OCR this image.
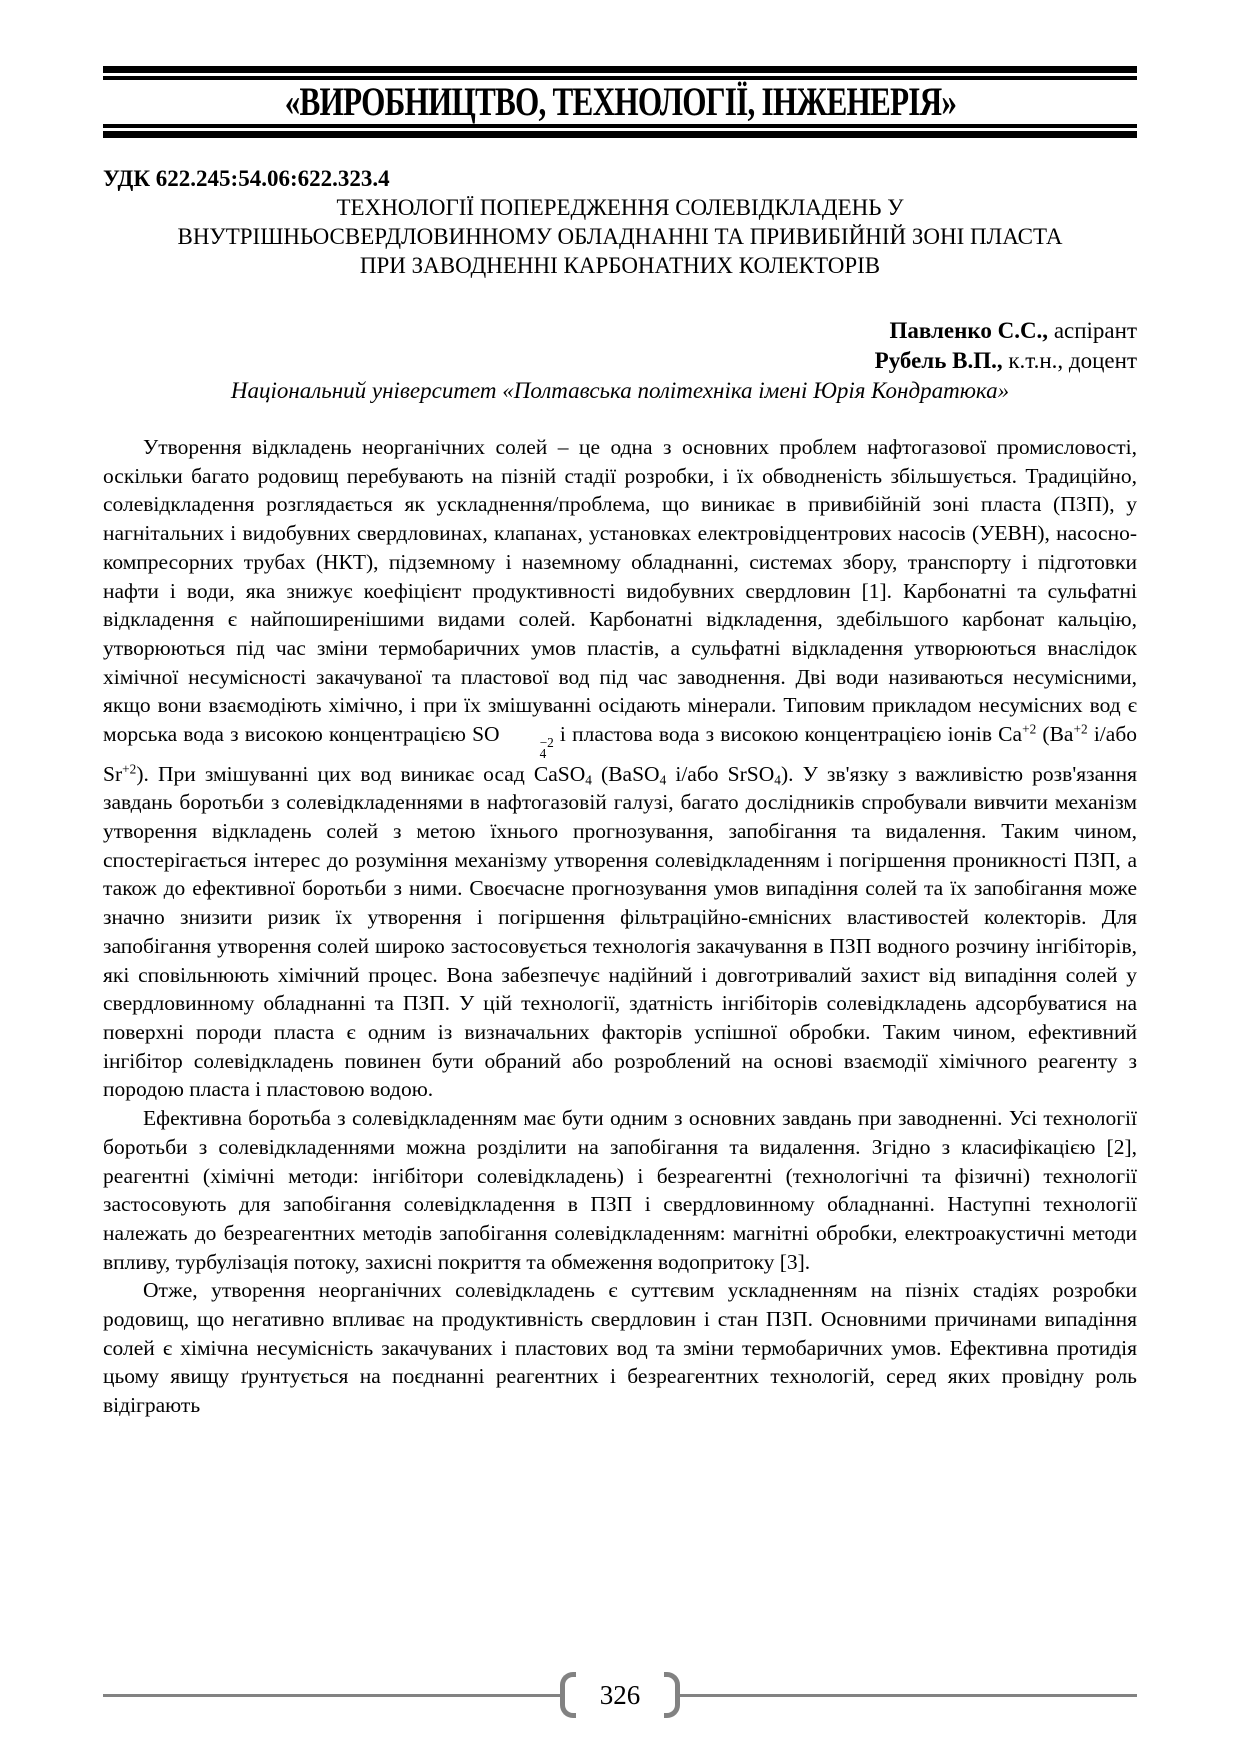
«ВИРОБНИЦТВО, ТЕХНОЛОГІЇ, ІНЖЕНЕРІЯ»
УДК 622.245:54.06:622.323.4
ТЕХНОЛОГІЇ ПОПЕРЕДЖЕННЯ СОЛЕВІДКЛАДЕНЬ У
ВНУТРІШНЬОСВЕРДЛОВИННОМУ ОБЛАДНАННІ ТА ПРИВИБІЙНІЙ ЗОНІ ПЛАСТА
ПРИ ЗАВОДНЕННІ КАРБОНАТНИХ КОЛЕКТОРІВ
Павленко С.С., аспірант
Рубель В.П., к.т.н., доцент
Національний університет «Полтавська політехніка імені Юрія Кондратюка»

Утворення відкладень неорганічних солей – це одна з основних проблем нафтогазової промисловості, оскільки багато родовищ перебувають на пізній стадії розробки, і їх обводненість збільшується. Традиційно, солевідкладення розглядається як ускладнення/проблема, що виникає в привибійній зоні пласта (ПЗП), у нагнітальних і видобувних свердловинах, клапанах, установках електровідцентрових насосів (УЕВН), насосно-компресорних трубах (НКТ), підземному і наземному обладнанні, системах збору, транспорту і підготовки нафти і води, яка знижує коефіцієнт продуктивності видобувних свердловин [1]. Карбонатні та сульфатні відкладення є найпоширенішими видами солей. Карбонатні відкладення, здебільшого карбонат кальцію, утворюються під час зміни термобаричних умов пластів, а сульфатні відкладення утворюються внаслідок хімічної несумісності закачуваної та пластової вод під час заводнення. Дві води називаються несумісними, якщо вони взаємодіють хімічно, і при їх змішуванні осідають мінерали. Типовим прикладом несумісних вод є морська вода з високою концентрацією SO	−2
4
і пластова вода з високою концентрацією іонів $Ca^{+2}$ ($Ba^{+2}$ і/або $Sr^{+2}$). При змішуванні цих вод виникає осад CaSO$_4$ (BaSO$_4$ і/або SrSO$_4$). У зв'язку з важливістю розв'язання завдань боротьби з солевідкладеннями в нафтогазовій галузі, багато дослідників спробували вивчити механізм утворення відкладень солей з метою їхнього прогнозування, запобігання та видалення. Таким чином, спостерігається інтерес до розуміння механізму утворення солевідкладенням і погіршення проникності ПЗП, а також до ефективної боротьби з ними. Своєчасне прогнозування умов випадіння солей та їх запобігання може значно знизити ризик їх утворення і погіршення фільтраційно-ємнісних властивостей колекторів. Для запобігання утворення солей широко застосовується технологія закачування в ПЗП водного розчину інгібіторів, які сповільнюють хімічний процес. Вона забезпечує надійний і довготривалий захист від випадіння солей у свердловинному обладнанні та ПЗП. У цій технології, здатність інгібіторів солевідкладень адсорбуватися на поверхні породи пласта є одним із визначальних факторів успішної обробки. Таким чином, ефективний інгібітор солевідкладень повинен бути обраний або розроблений на основі взаємодії хімічного реагенту з породою пласта і пластовою водою.

Ефективна боротьба з солевідкладенням має бути одним з основних завдань при заводненні. Усі технології боротьби з солевідкладеннями можна розділити на запобігання та видалення. Згідно з класифікацією [2], реагентні (хімічні методи: інгібітори солевідкладень) і безреагентні (технологічні та фізичні) технології застосовують для запобігання солевідкладення в ПЗП і свердловинному обладнанні. Наступні технології належать до безреагентних методів запобігання солевідкладенням: магнітні обробки, електроакустичні методи впливу, турбулізація потоку, захисні покриття та обмеження водопритоку [3].

Отже, утворення неорганічних солевідкладень є суттєвим ускладненням на пізніх стадіях розробки родовищ, що негативно впливає на продуктивність свердловин і стан ПЗП. Основними причинами випадіння солей є хімічна несумісність закачуваних і пластових вод та зміни термобаричних умов. Ефективна протидія цьому явищу ґрунтується на поєднанні реагентних і безреагентних технологій, серед яких провідну роль відіграють

326
